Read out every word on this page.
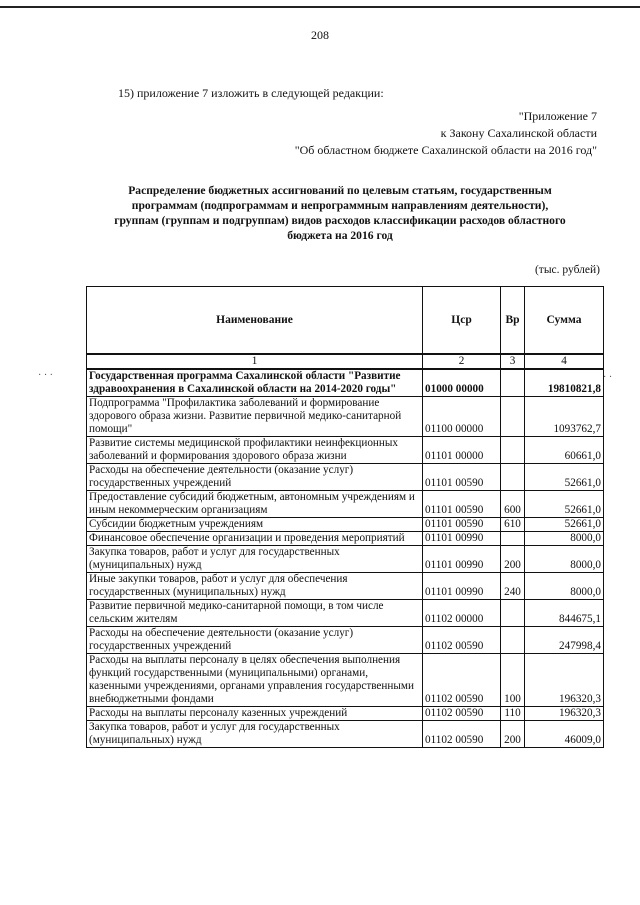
208
15) приложение 7 изложить в следующей редакции:
"Приложение 7
к Закону Сахалинской области
"Об областном бюджете Сахалинской области на 2016 год"
Распределение бюджетных ассигнований по целевым статьям, государственным
программам (подпрограммам и непрограммным направлениям деятельности),
группам (группам и подгруппам) видов расходов классификации расходов областного
бюджета на 2016 год
(тыс. рублей)
· · ·	· ·
Наименование	Цср	Вр	Сумма
1	2	3	4
Государственная программа Сахалинской области "Развитие здравоохранения в Сахалинской области на 2014-2020 годы"	01000 00000		19810821,8
Подпрограмма "Профилактика заболеваний и формирование здорового образа жизни. Развитие первичной медико-санитарной помощи"	01100 00000		1093762,7
Развитие системы медицинской профилактики неинфекционных заболеваний и формирования здорового образа жизни	01101 00000		60661,0
Расходы на обеспечение деятельности (оказание услуг) государственных учреждений	01101 00590		52661,0
Предоставление субсидий бюджетным, автономным учреждениям и иным некоммерческим организациям	01101 00590	600	52661,0
Субсидии бюджетным учреждениям	01101 00590	610	52661,0
Финансовое обеспечение организации и проведения мероприятий	01101 00990		8000,0
Закупка товаров, работ и услуг для государственных (муниципальных) нужд	01101 00990	200	8000,0
Иные закупки товаров, работ и услуг для обеспечения государственных (муниципальных) нужд	01101 00990	240	8000,0
Развитие первичной медико-санитарной помощи, в том числе сельским жителям	01102 00000		844675,1
Расходы на обеспечение деятельности (оказание услуг) государственных учреждений	01102 00590		247998,4
Расходы на выплаты персоналу в целях обеспечения выполнения функций государственными (муниципальными) органами, казенными учреждениями, органами управления государственными внебюджетными фондами	01102 00590	100	196320,3
Расходы на выплаты персоналу казенных учреждений	01102 00590	110	196320,3
Закупка товаров, работ и услуг для государственных (муниципальных) нужд	01102 00590	200	46009,0
